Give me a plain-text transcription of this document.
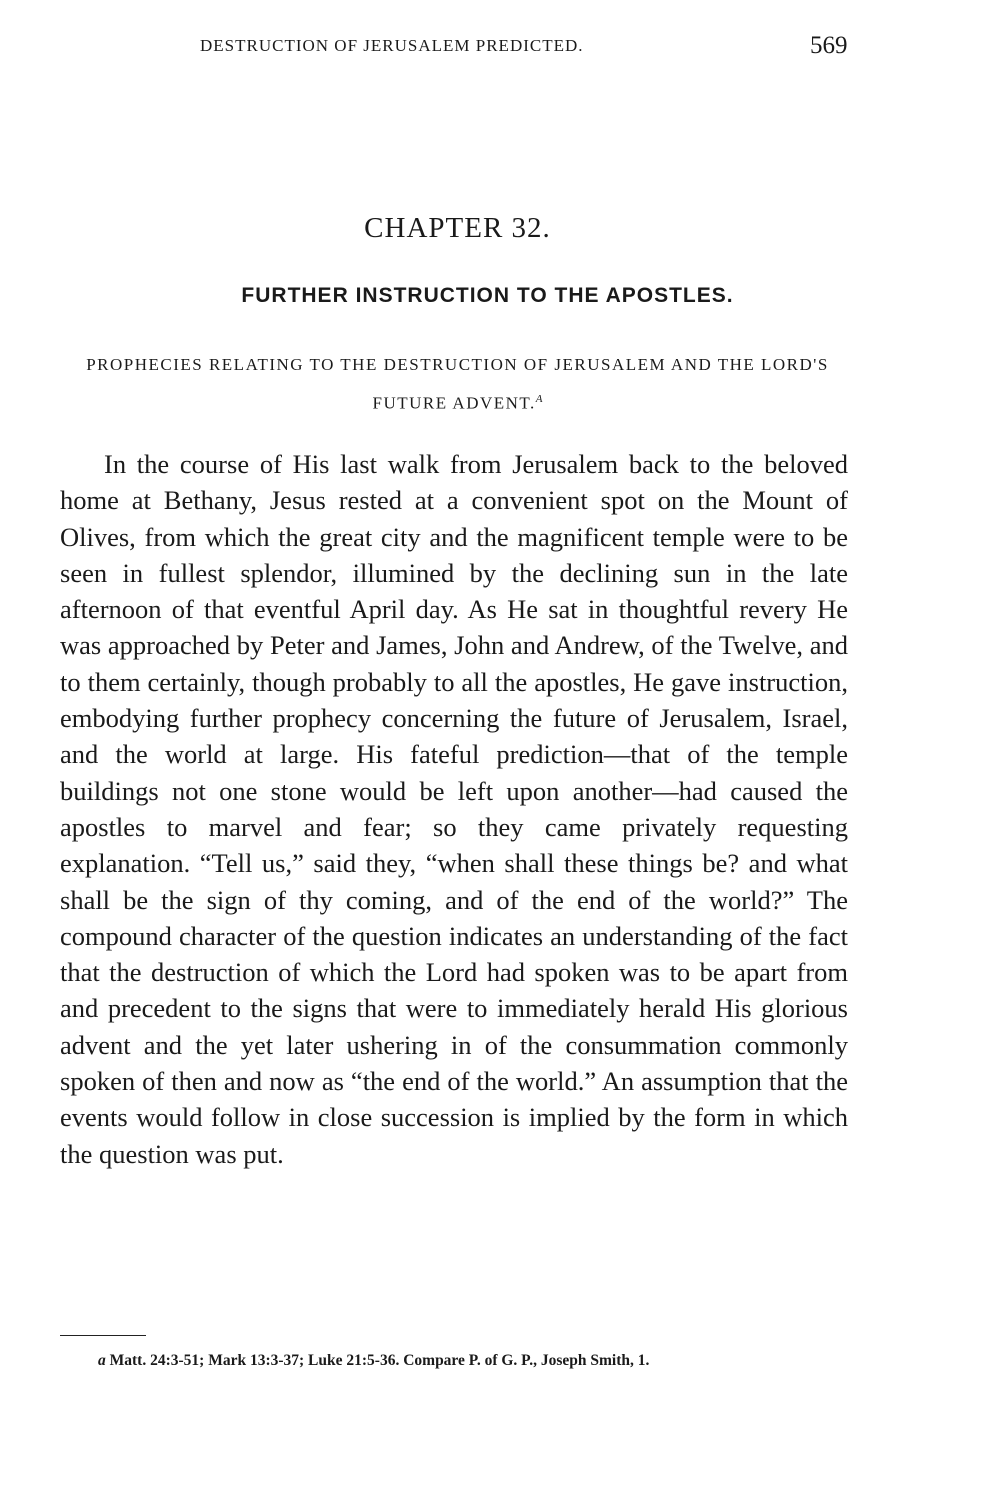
DESTRUCTION OF JERUSALEM PREDICTED.	569
CHAPTER 32.
FURTHER INSTRUCTION TO THE APOSTLES.
PROPHECIES RELATING TO THE DESTRUCTION OF JERUSALEM AND THE LORD'S FUTURE ADVENT.$^A$

In the course of His last walk from Jerusalem back to the beloved home at Bethany, Jesus rested at a convenient spot on the Mount of Olives, from which the great city and the magnificent temple were to be seen in fullest splendor, illumined by the declining sun in the late afternoon of that eventful April day. As He sat in thoughtful revery He was approached by Peter and James, John and Andrew, of the Twelve, and to them certainly, though probably to all the apostles, He gave instruction, embodying further prophecy concerning the future of Jerusalem, Israel, and the world at large. His fateful prediction—that of the temple buildings not one stone would be left upon another—had caused the apostles to marvel and fear; so they came privately requesting explanation. “Tell us,” said they, “when shall these things be? and what shall be the sign of thy coming, and of the end of the world?” The compound character of the question indicates an understanding of the fact that the destruction of which the Lord had spoken was to be apart from and precedent to the signs that were to immediately herald His glorious advent and the yet later ushering in of the consummation commonly spoken of then and now as “the end of the world.” An assumption that the events would follow in close succession is implied by the form in which the question was put.

a Matt. 24:3-51; Mark 13:3-37; Luke 21:5-36. Compare P. of G. P., Joseph Smith, 1.
